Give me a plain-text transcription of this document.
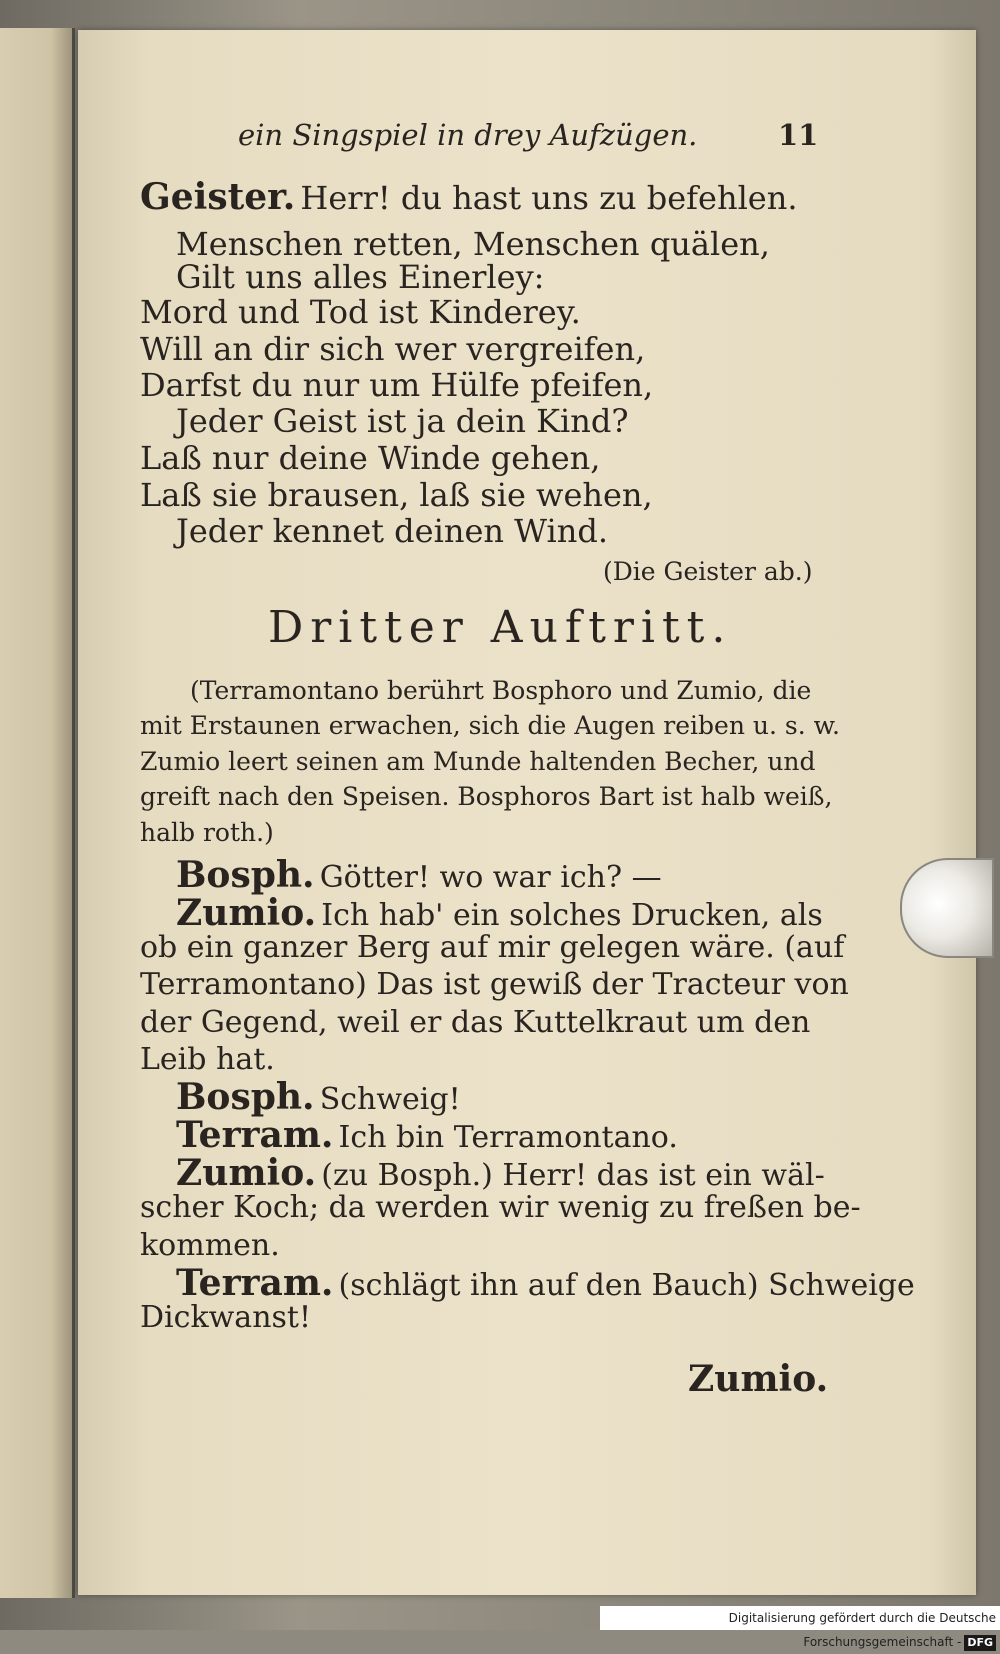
ein Singspiel in drey Aufzügen.	11
Geister. Herr! du hast uns zu befehlen.
Menschen retten, Menschen quälen,
Gilt uns alles Einerley:
Mord und Tod ist Kinderey.
Will an dir sich wer vergreifen,
Darfst du nur um Hülfe pfeifen,
Jeder Geist ist ja dein Kind?
Laß nur deine Winde gehen,
Laß sie brausen, laß sie wehen,
Jeder kennet deinen Wind.
(Die Geister ab.)
Dritter Auftritt.
(Terramontano berührt Bosphoro und Zumio, die
mit Erstaunen erwachen, sich die Augen reiben u. s. w.
Zumio leert seinen am Munde haltenden Becher, und
greift nach den Speisen. Bosphoros Bart ist halb weiß,
halb roth.)
Bosph. Götter! wo war ich? —
Zumio. Ich hab' ein solches Drucken, als
ob ein ganzer Berg auf mir gelegen wäre. (auf
Terramontano) Das ist gewiß der Tracteur von
der Gegend, weil er das Kuttelkraut um den
Leib hat.
Bosph. Schweig!
Terram. Ich bin Terramontano.
Zumio. (zu Bosph.) Herr! das ist ein wäl-
scher Koch; da werden wir wenig zu freßen be-
kommen.
Terram. (schlägt ihn auf den Bauch) Schweige
Dickwanst!
Zumio.
Digitalisierung gefördert durch die Deutsche Forschungsgemeinschaft - DFG
